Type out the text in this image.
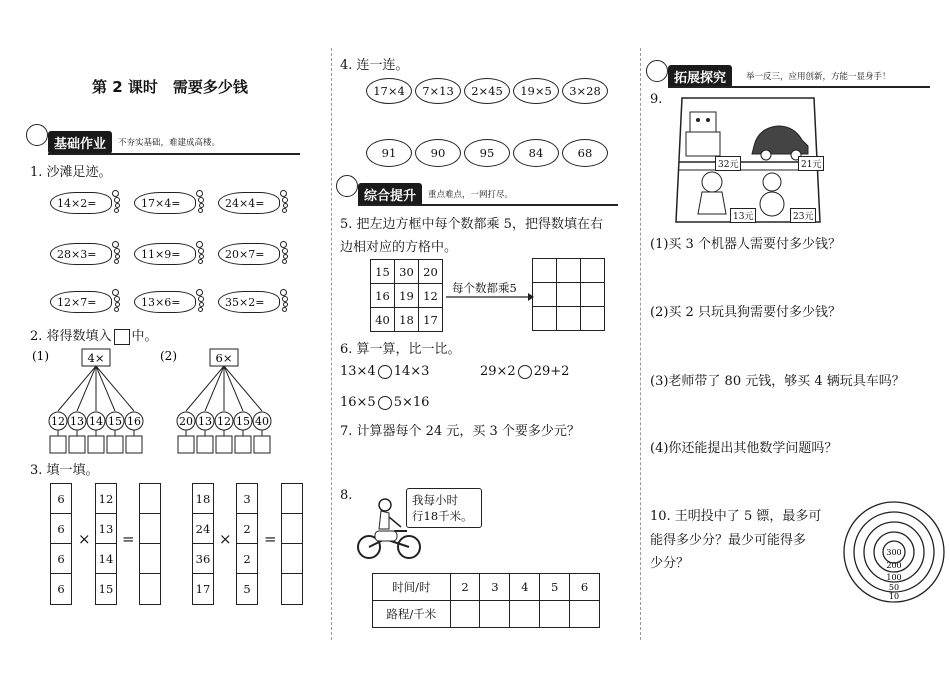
第 2 课时　需要多少钱
基础作业	不夯实基础，难建成高楼。
1. 沙滩足迹。
14×2=	17×4=	24×4=
28×3=	11×9=	20×7=
12×7=	13×6=	35×2=
2. 将得数填入 中。
(1)	4×
12 13 14 15 16
(2)	6×
20 13 12 15 40
3. 填一填。
6
6
6
6
×
12
13
14
15
=
18
24
36
17
×
3
2
2
5
=
4. 连一连。
17×4	7×13	2×45	19×5	3×28
91	90	95	84	68
综合提升	重点难点，一网打尽。
5. 把左边方框中每个数都乘 5，把得数填在右
边相对应的方格中。
15 30 20
16 19 12
40 18 17
每个数都乘5
6. 算一算，比一比。
13×4 14×3	29×2 29+2
16×5 5×16
7. 计算器每个 24 元，买 3 个要多少元？
8.	我每小时
行18千米。
时间/时	2	3	4	5	6
路程/千米					
拓展探究	举一反三，应用创新，方能一显身手！
9.
32元	21元
13元	23元
(1)买 3 个机器人需要付多少钱？
(2)买 2 只玩具狗需要付多少钱？
(3)老师带了 80 元钱，够买 4 辆玩具车吗？
(4)你还能提出其他数学问题吗？
10. 王明投中了 5 镖，最多可
能得多少分？最少可能得多
少分？
300
200
100
50
10
